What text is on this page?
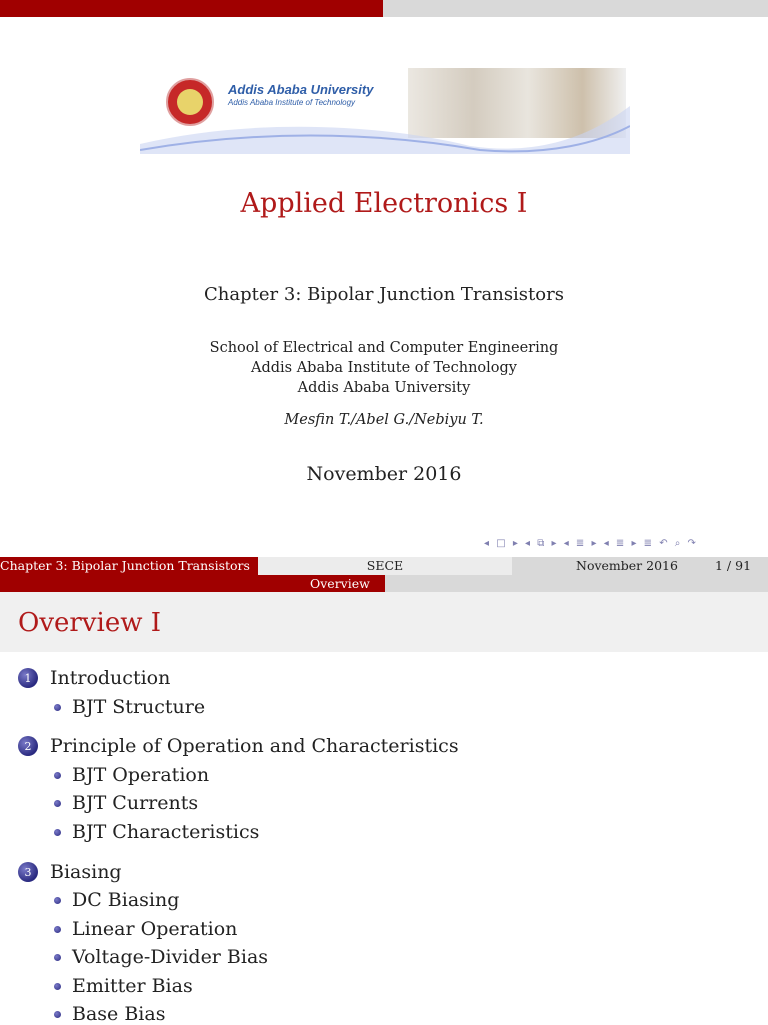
Addis Ababa University
Addis Ababa Institute of Technology
Applied Electronics I
Chapter 3: Bipolar Junction Transistors
School of Electrical and Computer Engineering
Addis Ababa Institute of Technology
Addis Ababa University
Mesfin T./Abel G./Nebiyu T.
November 2016
◂ □ ▸ ◂ ⧉ ▸ ◂ ≣ ▸ ◂ ≣ ▸ ≣ ↶ ⌕ ↷
Chapter 3: Bipolar Junction Transistors	SECE	November 2016	1 / 91
Overview
Overview I
1 Introduction
BJT Structure
2 Principle of Operation and Characteristics
BJT Operation
BJT Currents
BJT Characteristics
3 Biasing
DC Biasing
Linear Operation
Voltage-Divider Bias
Emitter Bias
Base Bias
